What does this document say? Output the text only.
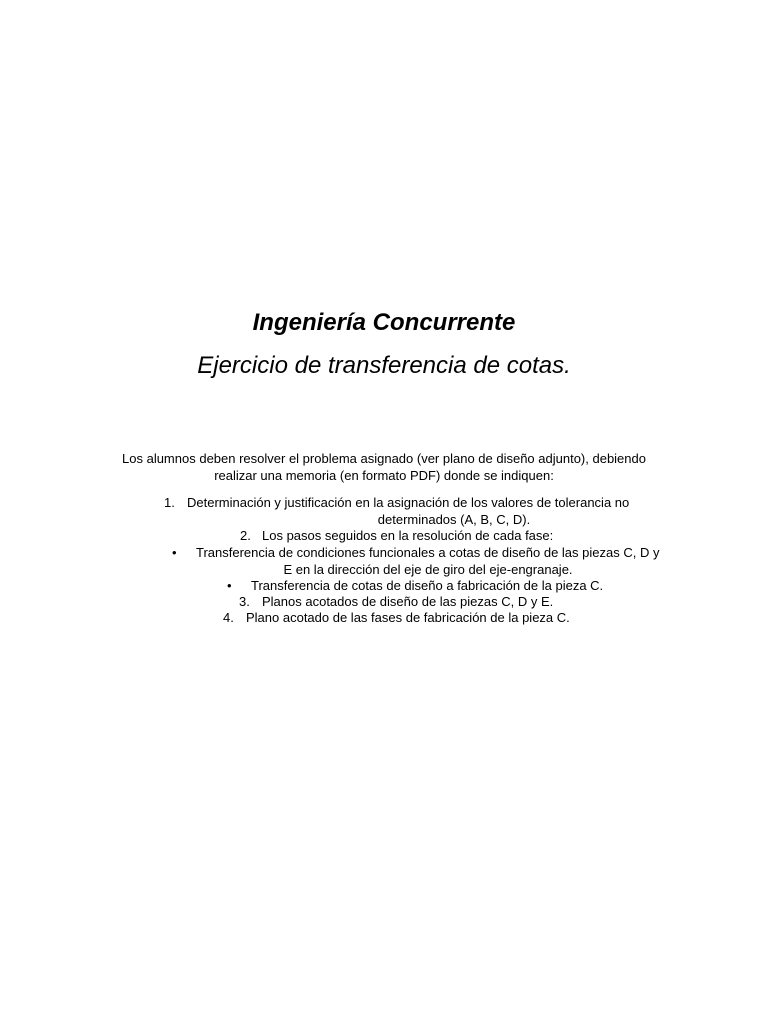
Ingeniería Concurrente
Ejercicio de transferencia de cotas.
Los alumnos deben resolver el problema asignado (ver plano de diseño adjunto), debiendo
realizar una memoria (en formato PDF) donde se indiquen:
1. Determinación y justificación en la asignación de los valores de tolerancia no
determinados (A, B, C, D).
2. Los pasos seguidos en la resolución de cada fase:
• Transferencia de condiciones funcionales a cotas de diseño de las piezas C, D y
E en la dirección del eje de giro del eje-engranaje.
• Transferencia de cotas de diseño a fabricación de la pieza C.
3. Planos acotados de diseño de las piezas C, D y E.
4. Plano acotado de las fases de fabricación de la pieza C.
